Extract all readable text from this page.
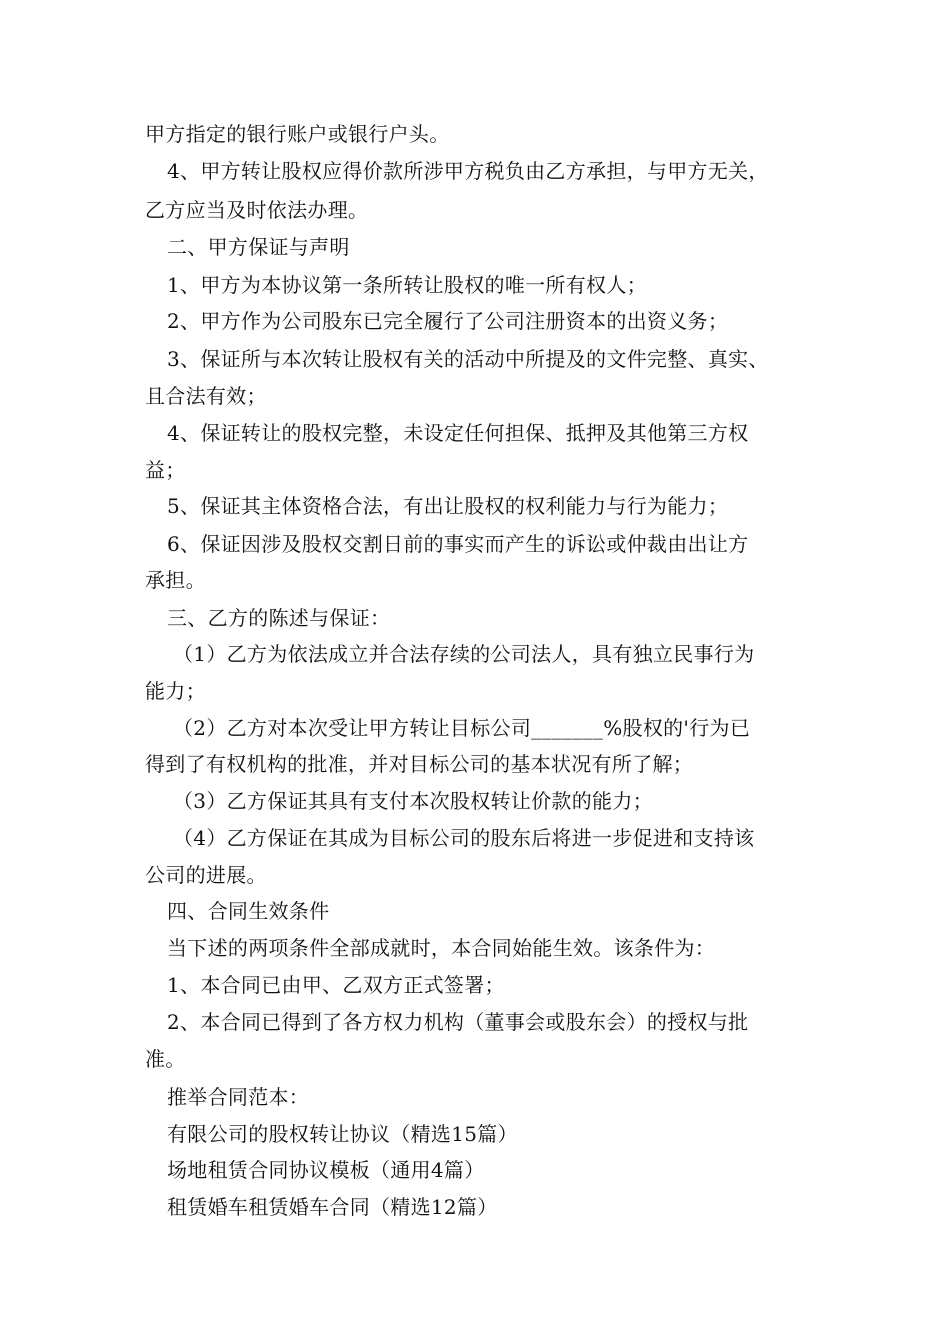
甲方指定的银行账户或银行户头。
4、甲方转让股权应得价款所涉甲方税负由乙方承担，与甲方无关，
乙方应当及时依法办理。
二、甲方保证与声明
1、甲方为本协议第一条所转让股权的唯一所有权人；
2、甲方作为公司股东已完全履行了公司注册资本的出资义务；
3、保证所与本次转让股权有关的活动中所提及的文件完整、真实、
且合法有效；
4、保证转让的股权完整，未设定任何担保、抵押及其他第三方权
益；
5、保证其主体资格合法，有出让股权的权利能力与行为能力；
6、保证因涉及股权交割日前的事实而产生的诉讼或仲裁由出让方
承担。
三、乙方的陈述与保证：
（1）乙方为依法成立并合法存续的公司法人，具有独立民事行为
能力；
（2）乙方对本次受让甲方转让目标公司_______%股权的'行为已
得到了有权机构的批准，并对目标公司的基本状况有所了解；
（3）乙方保证其具有支付本次股权转让价款的能力；
（4）乙方保证在其成为目标公司的股东后将进一步促进和支持该
公司的进展。
四、合同生效条件
当下述的两项条件全部成就时，本合同始能生效。该条件为：
1、本合同已由甲、乙双方正式签署；
2、本合同已得到了各方权力机构（董事会或股东会）的授权与批
准。
推举合同范本：
有限公司的股权转让协议（精选15篇）
场地租赁合同协议模板（通用4篇）
租赁婚车租赁婚车合同（精选12篇）
